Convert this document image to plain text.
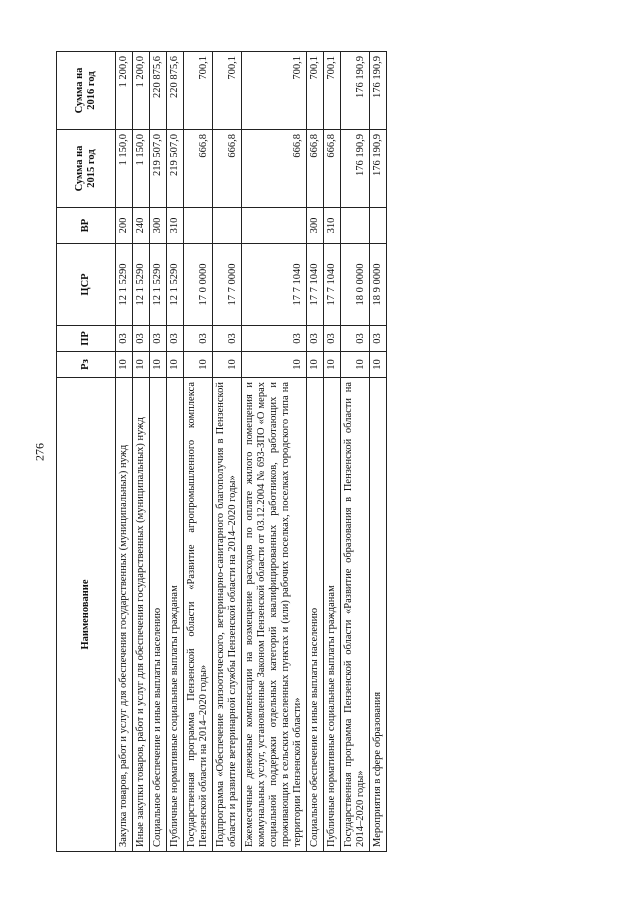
276
Наименование	Рз	ПР	ЦСР	ВР	Сумма на 2015 год	Сумма на 2016 год
Закупка товаров, работ и услуг для обеспечения государственных (муниципальных) нужд	10	03	12 1 5290	200	1 150,0	1 200,0
Иные закупки товаров, работ и услуг для обеспечения государственных (муниципальных) нужд	10	03	12 1 5290	240	1 150,0	1 200,0
Социальное обеспечение и иные выплаты населению	10	03	12 1 5290	300	219 507,0	220 875,6
Публичные нормативные социальные выплаты гражданам	10	03	12 1 5290	310	219 507,0	220 875,6
Государственная программа Пензенской области «Развитие агропромышленного комплекса Пензенской области на 2014–2020 годы»	10	03	17 0 0000		666,8	700,1
Подпрограмма «Обеспечение эпизоотического, ветеринарно-санитарного благополучия в Пензенской области и развитие ветеринарной службы Пензенской области на 2014–2020 годы»	10	03	17 7 0000		666,8	700,1
Ежемесячные денежные компенсации на возмещение расходов по оплате жилого помещения и коммунальных услуг, установленные Законом Пензенской области от 03.12.2004 № 693-ЗПО «О мерах социальной поддержки отдельных категорий квалифицированных работников, работающих и проживающих в сельских населенных пунктах и (или) рабочих поселках, поселках городского типа на территории Пензенской области»	10	03	17 7 1040		666,8	700,1
Социальное обеспечение и иные выплаты населению	10	03	17 7 1040	300	666,8	700,1
Публичные нормативные социальные выплаты гражданам	10	03	17 7 1040	310	666,8	700,1
Государственная программа Пензенской области «Развитие образования в Пензенской области на 2014–2020 годы»	10	03	18 0 0000		176 190,9	176 190,9
Мероприятия в сфере образования	10	03	18 9 0000		176 190,9	176 190,9
